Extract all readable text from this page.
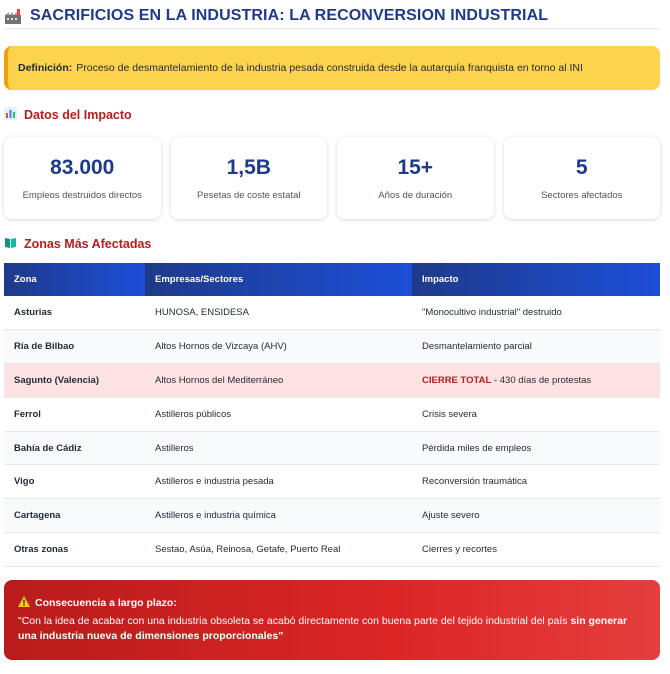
SACRIFICIOS EN LA INDUSTRIA: LA RECONVERSION INDUSTRIAL
Definición: Proceso de desmantelamiento de la industria pesada construida desde la autarquía franquista en torno al INI
Datos del Impacto
83.000
Empleos destruidos directos
1,5B
Pesetas de coste estatal
15+
Años de duración
5
Sectores afectados
Zonas Más Afectadas
Zona	Empresas/Sectores	Impacto
Asturias	HUNOSA, ENSIDESA	"Monocultivo industrial" destruido
Ría de Bilbao	Altos Hornos de Vizcaya (AHV)	Desmantelamiento parcial
Sagunto (Valencia)	Altos Hornos del Mediterráneo	CIERRE TOTAL - 430 días de protestas
Ferrol	Astilleros públicos	Crisis severa
Bahía de Cádiz	Astilleros	Pérdida miles de empleos
Vigo	Astilleros e industria pesada	Reconversión traumática
Cartagena	Astilleros e industria química	Ajuste severo
Otras zonas	Sestao, Asúa, Reinosa, Getafe, Puerto Real	Cierres y recortes
Consecuencia a largo plazo:
"Con la idea de acabar con una industria obsoleta se acabó directamente con buena parte del tejido industrial del país sin generar una industria nueva de dimensiones proporcionales"
